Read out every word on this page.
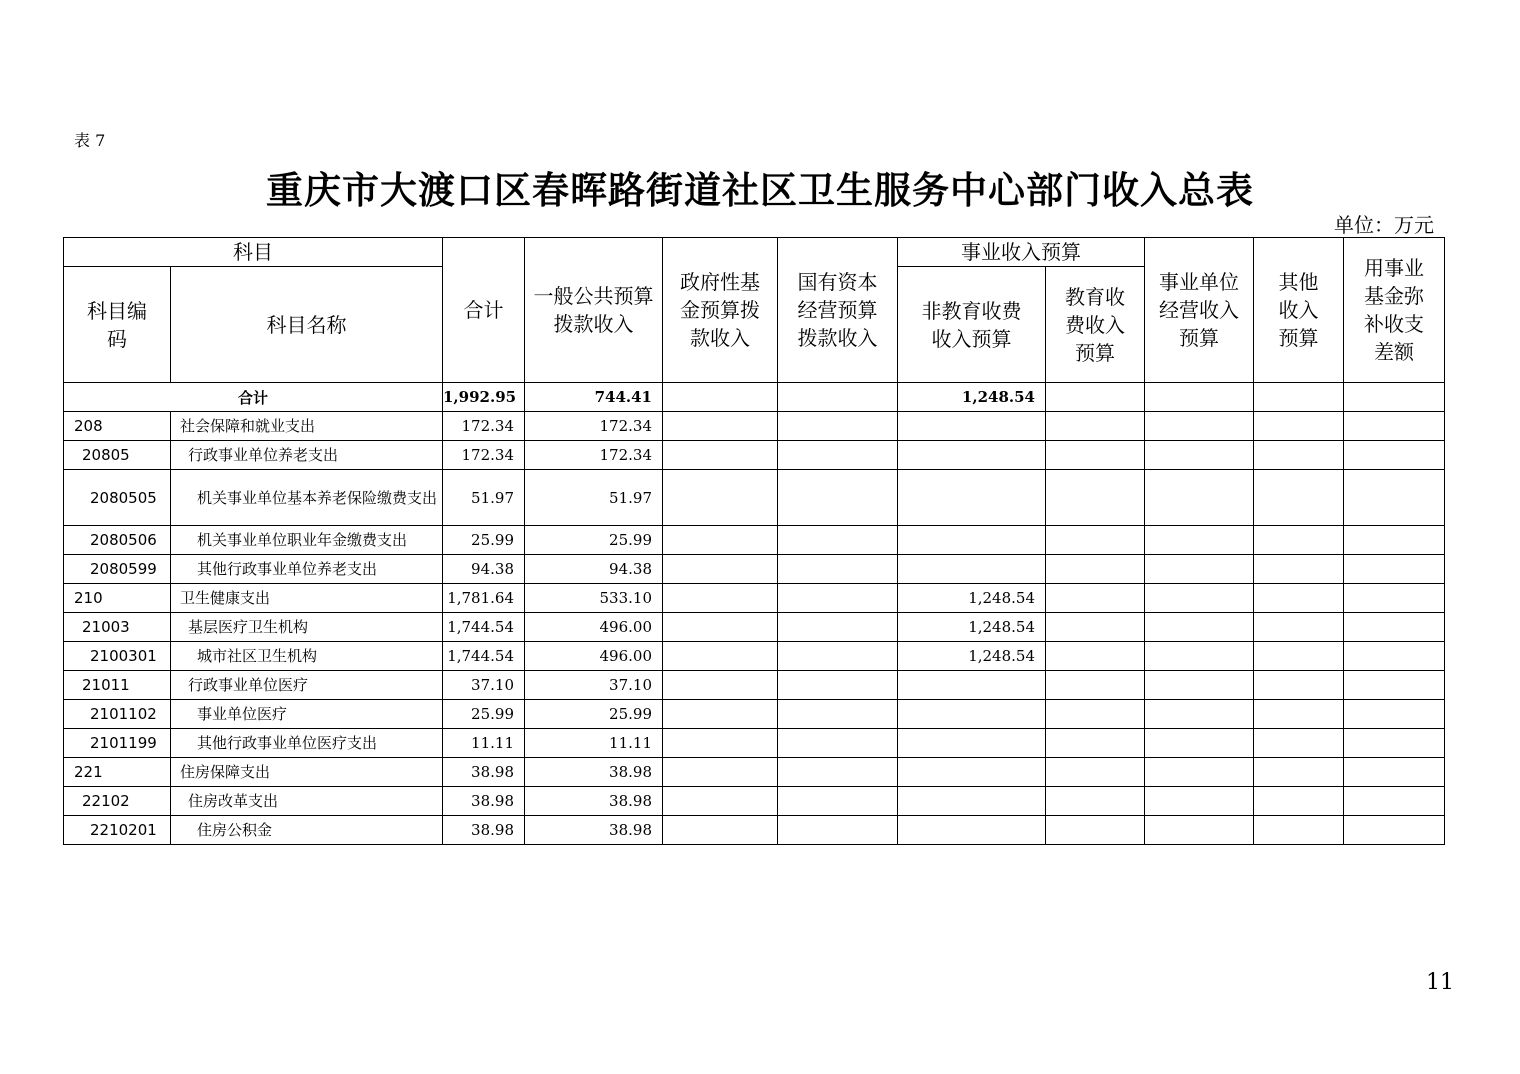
表 7
重庆市大渡口区春晖路街道社区卫生服务中心部门收入总表
单位：万元
科目		合计	一般公共预算拨款收入	政府性基金预算拨款收入	国有资本经营预算拨款收入	事业收入预算		事业单位经营收入预算	其他收入预算	用事业基金弥补收支差额
科目编码	科目名称					非教育收费收入预算	教育收费收入预算			
合计		1,992.95	744.41			1,248.54				
208	社会保障和就业支出	172.34	172.34							
20805	行政事业单位养老支出	172.34	172.34							
2080505	机关事业单位基本养老保险缴费支出	51.97	51.97							
2080506	机关事业单位职业年金缴费支出	25.99	25.99							
2080599	其他行政事业单位养老支出	94.38	94.38							
210	卫生健康支出	1,781.64	533.10			1,248.54				
21003	基层医疗卫生机构	1,744.54	496.00			1,248.54				
2100301	城市社区卫生机构	1,744.54	496.00			1,248.54				
21011	行政事业单位医疗	37.10	37.10							
2101102	事业单位医疗	25.99	25.99							
2101199	其他行政事业单位医疗支出	11.11	11.11							
221	住房保障支出	38.98	38.98							
22102	住房改革支出	38.98	38.98							
2210201	住房公积金	38.98	38.98							
11
